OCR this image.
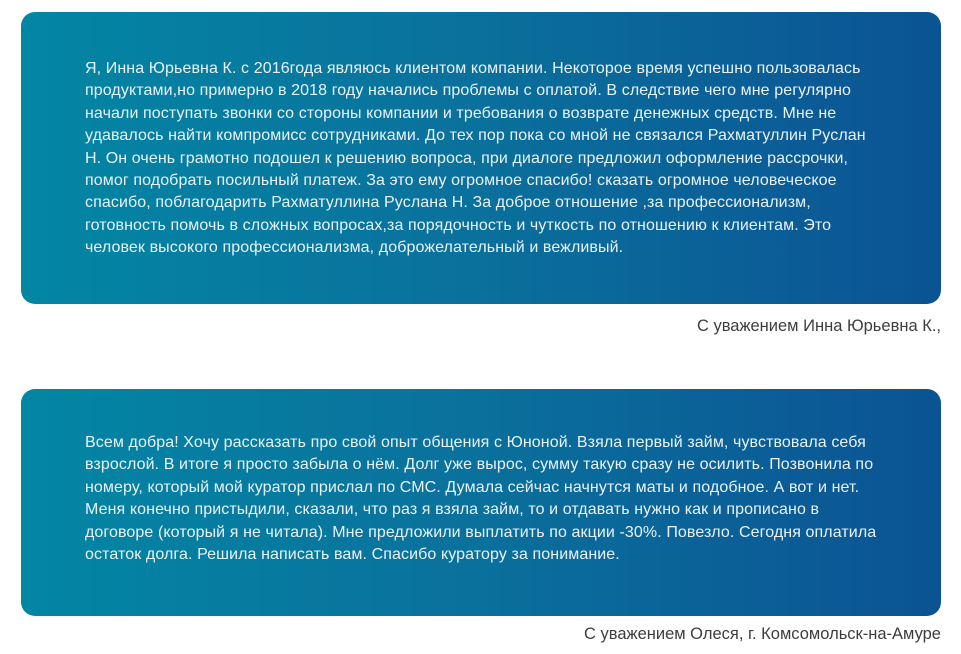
Я, Инна Юрьевна К. с 2016года являюсь клиентом компании. Некоторое время успешно пользовалась продуктами,но примерно в 2018 году начались проблемы с оплатой. В следствие чего мне регулярно начали поступать звонки со стороны компании и требования о возврате денежных средств. Мне не удавалось найти компромисс сотрудниками. До тех пор пока со мной не связался Рахматуллин Руслан Н. Он очень грамотно подошел к решению вопроса, при диалоге предложил оформление рассрочки, помог подобрать посильный платеж. За это ему огромное спасибо! сказать огромное человеческое спасибо, поблагодарить Рахматуллина Руслана Н. За доброе отношение ,за профессионализм, готовность помочь в сложных вопросах,за порядочность и чуткость по отношению к клиентам. Это человек высокого профессионализма, доброжелательный и вежливый.

С уважением Инна Юрьевна К.,

Всем добра! Хочу рассказать про свой опыт общения с Юноной. Взяла первый займ, чувствовала себя взрослой. В итоге я просто забыла о нём. Долг уже вырос, сумму такую сразу не осилить. Позвонила по номеру, который мой куратор прислал по СМС. Думала сейчас начнутся маты и подобное. А вот и нет. Меня конечно пристыдили, сказали, что раз я взяла займ, то и отдавать нужно как и прописано в договоре (который я не читала). Мне предложили выплатить по акции -30%. Повезло. Сегодня оплатила остаток долга. Решила написать вам. Спасибо куратору за понимание.

С уважением Олеся, г. Комсомольск-на-Амуре
